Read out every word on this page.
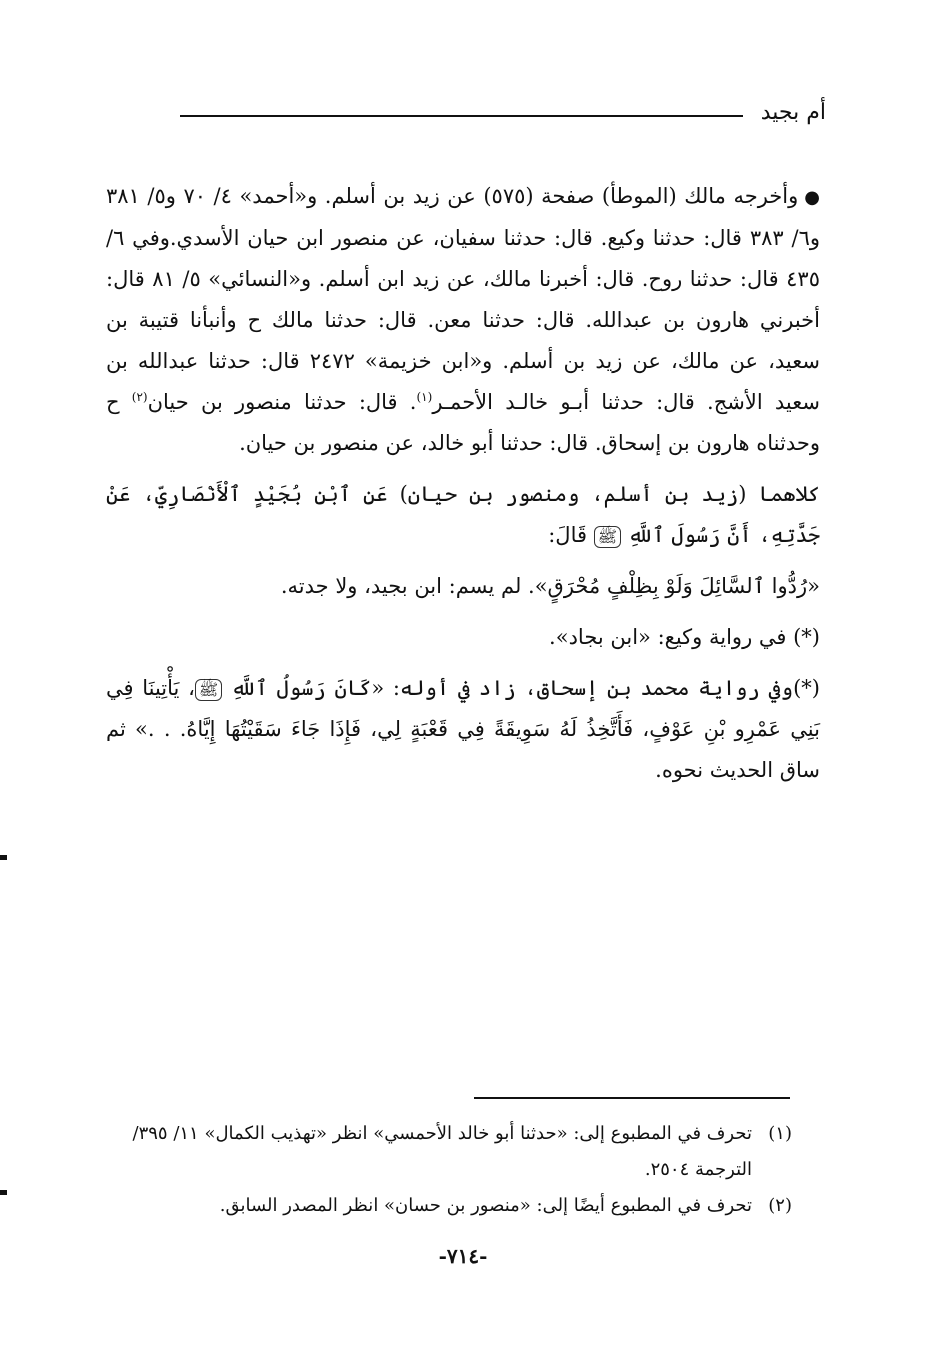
أم بجيد

●وأخرجه مالك (الموطأ) صفحة (٥٧٥) عن زيد بن أسلم. و«أحمد» ٤/ ٧٠ و٥/ ٣٨١ و٦/ ٣٨٣ قال: حدثنا وكيع. قال: حدثنا سفيان، عن منصور ابن حيان الأسدي.وفي ٦/ ٤٣٥ قال: حدثنا روح. قال: أخبرنا مالك، عن زيد ابن أسلم. و«النسائي» ٥/ ٨١ قال: أخبرني هارون بن عبدالله. قال: حدثنا معن. قال: حدثنا مالك ح وأنبأنا قتيبة بن سعيد، عن مالك، عن زيد بن أسلم. و«ابن خزيمة» ٢٤٧٢ قال: حدثنا عبدالله بن سعيد الأشج. قال: حدثنا أبـو خالـد الأحمـر$^{(١)}$. قال: حدثنا منصور بن حيان$^{(٢)}$ ح وحدثناه هارون بن إسحاق. قال: حدثنا أبو خالد، عن منصور بن حيان.

كلاهما (زيد بن أسلم، ومنصور بن حيان) عَنِ ٱبْنِ بُجَيْدٍ ٱلْأَنْصَارِيِّ، عَنْ جَدَّتِهِ، أَنَّ رَسُولَ ٱللَّهِ ﷺ قَالَ:

«رُدُّوا ٱلسَّائِلَ وَلَوْ بِظِلْفٍ مُحْرَقٍ». لم يسم: ابن بجيد، ولا جدته.

(*) في رواية وكيع: «ابن بجاد».

(*)وفي رواية محمد بن إسحاق، زاد في أوله: «كَانَ رَسُولُ ٱللَّهِ ﷺ، يَأْتِينَا فِي بَنِي عَمْرِو بْنِ عَوْفٍ، فَأَتَّخِذُ لَهُ سَوِيقَةً فِي قَعْبَةٍ لِي، فَإِذَا جَاءَ سَقَيْتُهَا إِيَّاهُ. . .» ثم ساق الحديث نحوه.

(١)
تحرف في المطبوع إلى: «حدثنا أبو خالد الأحمسي» انظر «تهذيب الكمال» ١١/ ٣٩٥/الترجمة ٢٥٠٤.
(٢)
تحرف في المطبوع أيضًا إلى: «منصور بن حسان» انظر المصدر السابق.
-٧١٤-
